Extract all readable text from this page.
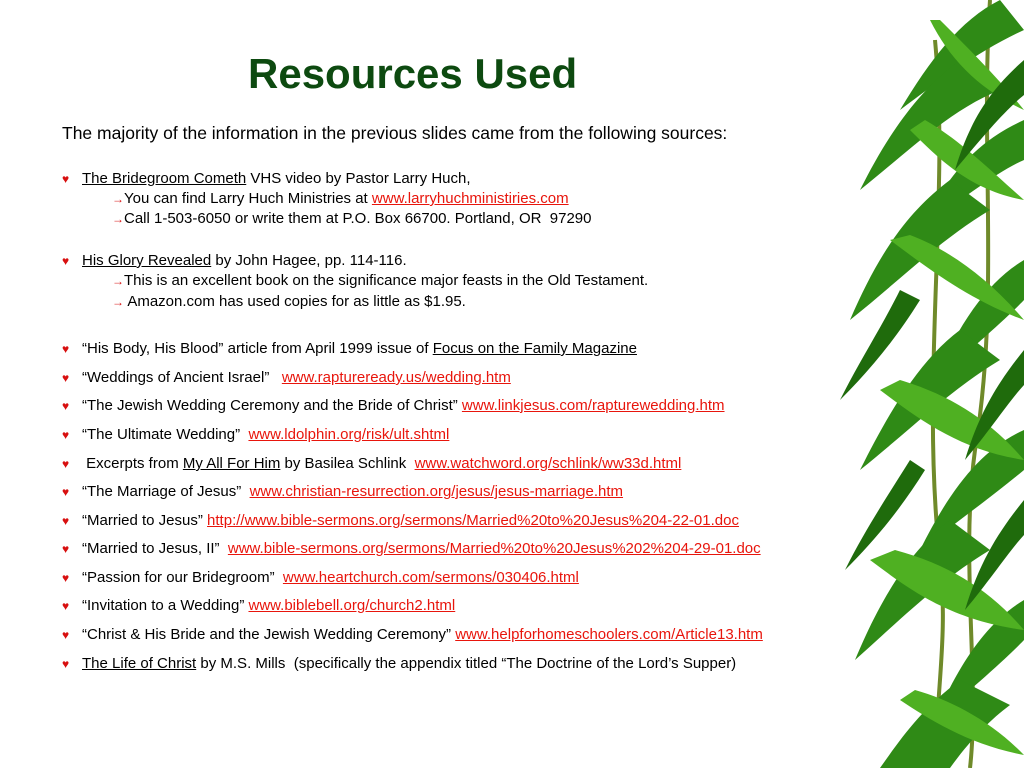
Resources Used
The majority of the information in the previous slides came from the following sources:
♥ The Bridegroom Cometh VHS video by Pastor Larry Huch,
→You can find Larry Huch Ministries at www.larryhuchministiries.com
→Call 1-503-6050 or write them at P.O. Box 66700. Portland, OR  97290
♥ His Glory Revealed by John Hagee, pp. 114-116.
→This is an excellent book on the significance major feasts in the Old Testament.
→ Amazon.com has used copies for as little as $1.95.
♥ “His Body, His Blood” article from April 1999 issue of Focus on the Family Magazine
♥ “Weddings of Ancient Israel”   www.raptureready.us/wedding.htm
♥ “The Jewish Wedding Ceremony and the Bride of Christ” www.linkjesus.com/rapturewedding.htm
♥ “The Ultimate Wedding”  www.ldolphin.org/risk/ult.shtml
♥ Excerpts from My All For Him by Basilea Schlink  www.watchword.org/schlink/ww33d.html
♥ “The Marriage of Jesus”  www.christian-resurrection.org/jesus/jesus-marriage.htm
♥ “Married to Jesus” http://www.bible-sermons.org/sermons/Married%20to%20Jesus%204-22-01.doc
♥ “Married to Jesus, II”  www.bible-sermons.org/sermons/Married%20to%20Jesus%202%204-29-01.doc
♥ “Passion for our Bridegroom”  www.heartchurch.com/sermons/030406.html
♥ “Invitation to a Wedding” www.biblebell.org/church2.html
♥ “Christ & His Bride and the Jewish Wedding Ceremony” www.helpforhomeschoolers.com/Article13.htm
♥ The Life of Christ by M.S. Mills  (specifically the appendix titled “The Doctrine of the Lord’s Supper)
